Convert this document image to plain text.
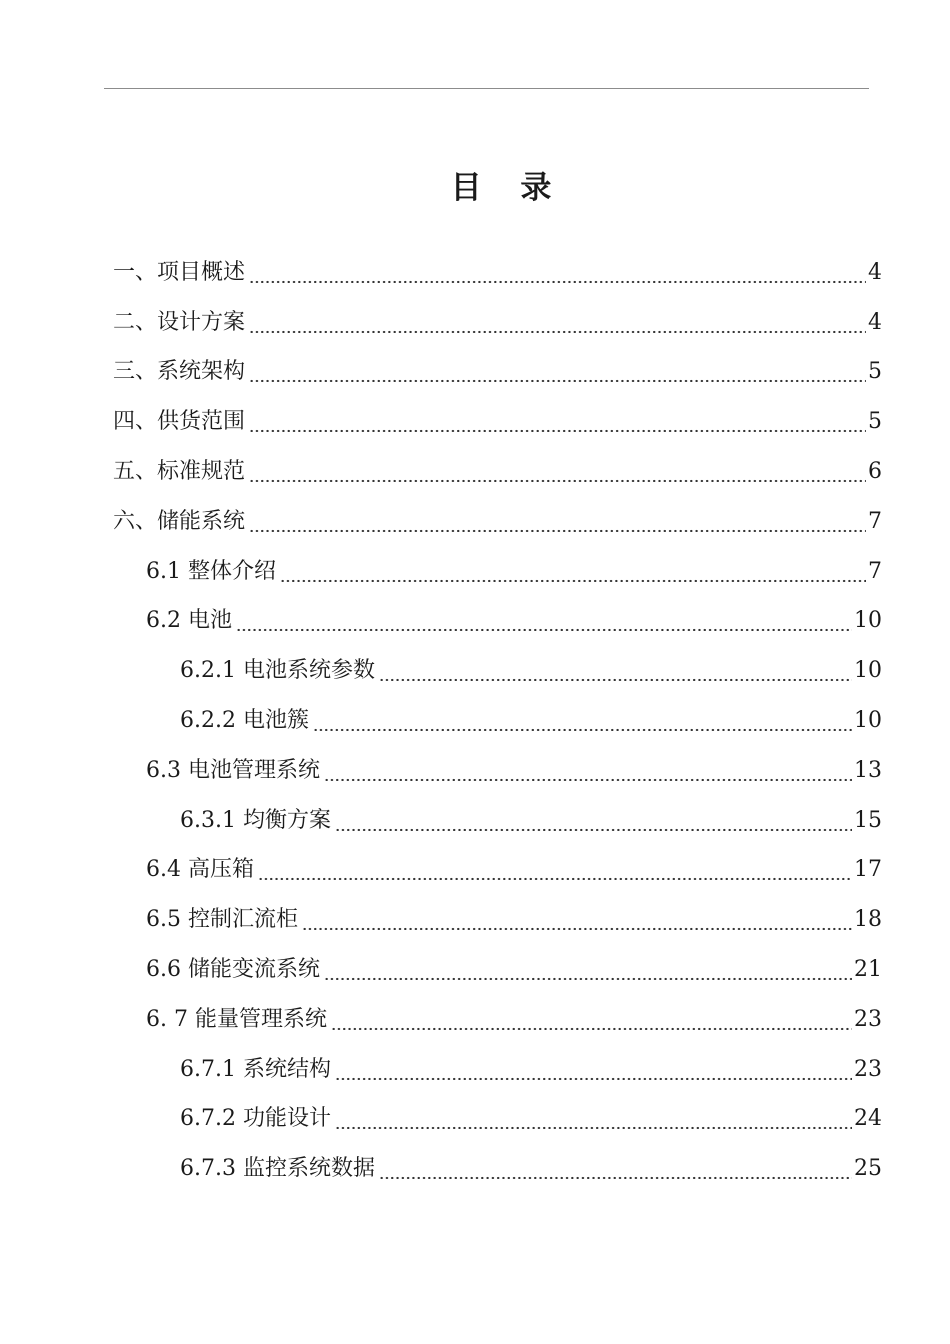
目 录
一、项目概述	4
二、设计方案	4
三、系统架构	5
四、供货范围	5
五、标准规范	6
六、储能系统	7
6.1 整体介绍	7
6.2 电池	10
6.2.1 电池系统参数	10
6.2.2 电池簇	10
6.3 电池管理系统	13
6.3.1 均衡方案	15
6.4 高压箱	17
6.5 控制汇流柜	18
6.6 储能变流系统	21
6. 7 能量管理系统	23
6.7.1 系统结构	23
6.7.2 功能设计	24
6.7.3 监控系统数据	25
